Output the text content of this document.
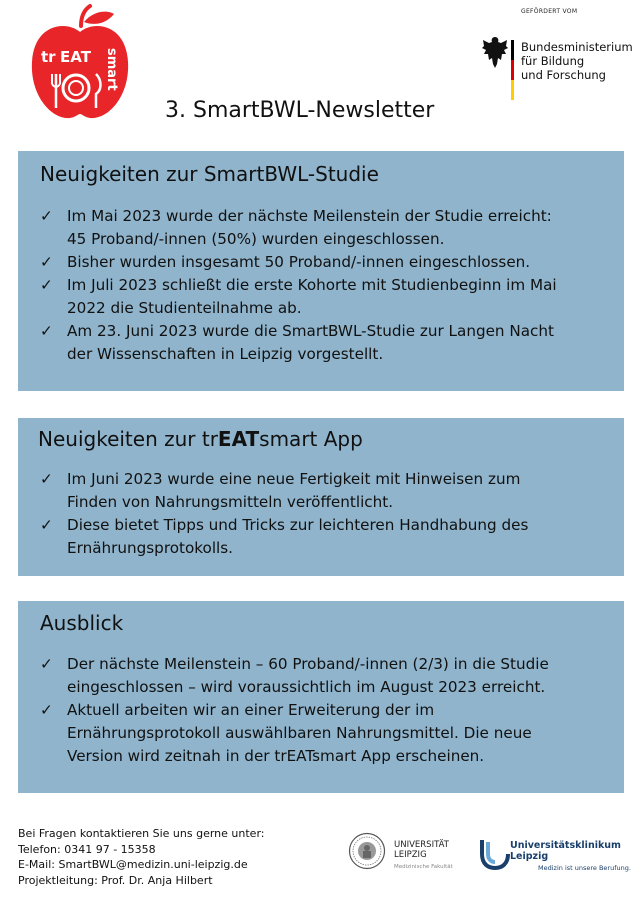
tr EAT smart
GEFÖRDERT VOM
Bundesministerium
für Bildung
und Forschung
3. SmartBWL-Newsletter
Neuigkeiten zur SmartBWL-Studie
✓ Im Mai 2023 wurde der nächste Meilenstein der Studie erreicht:
45 Proband/-innen (50%) wurden eingeschlossen.
✓ Bisher wurden insgesamt 50 Proband/-innen eingeschlossen.
✓ Im Juli 2023 schließt die erste Kohorte mit Studienbeginn im Mai
2022 die Studienteilnahme ab.
✓ Am 23. Juni 2023 wurde die SmartBWL-Studie zur Langen Nacht
der Wissenschaften in Leipzig vorgestellt.
Neuigkeiten zur trEATsmart App
✓ Im Juni 2023 wurde eine neue Fertigkeit mit Hinweisen zum
Finden von Nahrungsmitteln veröffentlicht.
✓ Diese bietet Tipps und Tricks zur leichteren Handhabung des
Ernährungsprotokolls.
Ausblick
✓ Der nächste Meilenstein – 60 Proband/-innen (2/3) in die Studie
eingeschlossen – wird voraussichtlich im August 2023 erreicht.
✓ Aktuell arbeiten wir an einer Erweiterung der im
Ernährungsprotokoll auswählbaren Nahrungsmittel. Die neue
Version wird zeitnah in der trEATsmart App erscheinen.
Bei Fragen kontaktieren Sie uns gerne unter:
Telefon: 0341 97 - 15358
E-Mail: SmartBWL@medizin.uni-leipzig.de
Projektleitung: Prof. Dr. Anja Hilbert
UNIVERSITÄT
LEIPZIG
Medizinische Fakultät
Universitätsklinikum
Leipzig
Medizin ist unsere Berufung.
